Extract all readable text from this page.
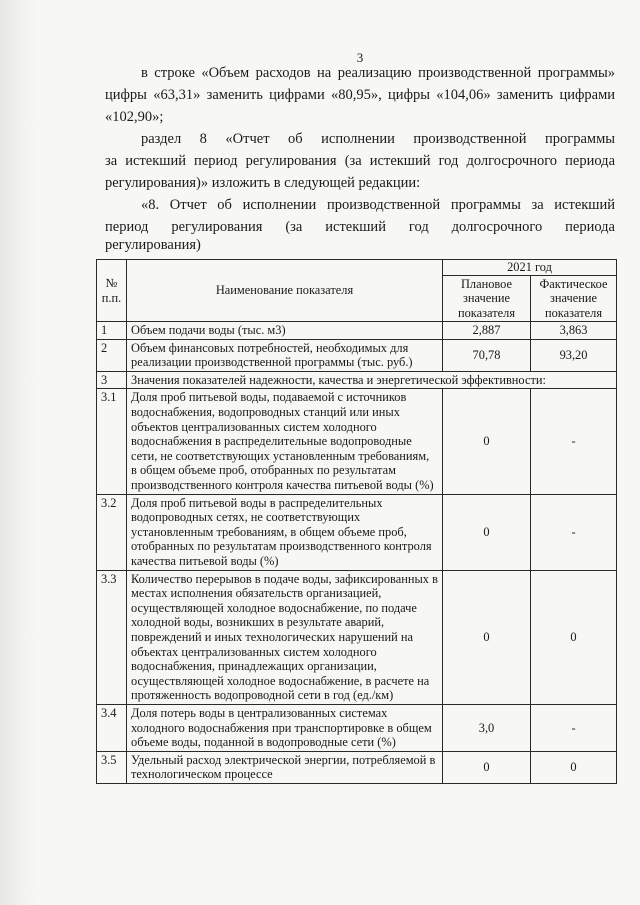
3
в строке «Объем расходов на реализацию производственной программы»
цифры «63,31» заменить цифрами «80,95», цифры «104,06» заменить цифрами
«102,90»;
раздел 8 «Отчет об исполнении производственной программы
за истекший период регулирования (за истекший год долгосрочного периода
регулирования)» изложить в следующей редакции:
«8. Отчет об исполнении производственной программы за истекший
период регулирования (за истекший год долгосрочного периода
регулирования)
№ п.п.	Наименование показателя	2021 год	
		Плановое значение показателя	Фактическое значение показателя
1	Объем подачи воды (тыс. м3)	2,887	3,863
2	Объем финансовых потребностей, необходимых для реализации производственной программы (тыс. руб.)	70,78	93,20
3	Значения показателей надежности, качества и энергетической эффективности:		
3.1	Доля проб питьевой воды, подаваемой с источников водоснабжения, водопроводных станций или иных объектов централизованных систем холодного водоснабжения в распределительные водопроводные сети, не соответствующих установленным требованиям, в общем объеме проб, отобранных по результатам производственного контроля качества питьевой воды (%)	0	-
3.2	Доля проб питьевой воды в распределительных водопроводных сетях, не соответствующих установленным требованиям, в общем объеме проб, отобранных по результатам производственного контроля качества питьевой воды (%)	0	-
3.3	Количество перерывов в подаче воды, зафиксированных в местах исполнения обязательств организацией, осуществляющей холодное водоснабжение, по подаче холодной воды, возникших в результате аварий, повреждений и иных технологических нарушений на объектах централизованных систем холодного водоснабжения, принадлежащих организации, осуществляющей холодное водоснабжение, в расчете на протяженность водопроводной сети в год (ед./км)	0	0
3.4	Доля потерь воды в централизованных системах холодного водоснабжения при транспортировке в общем объеме воды, поданной в водопроводные сети (%)	3,0	-
3.5	Удельный расход электрической энергии, потребляемой в технологическом процессе	0	0
